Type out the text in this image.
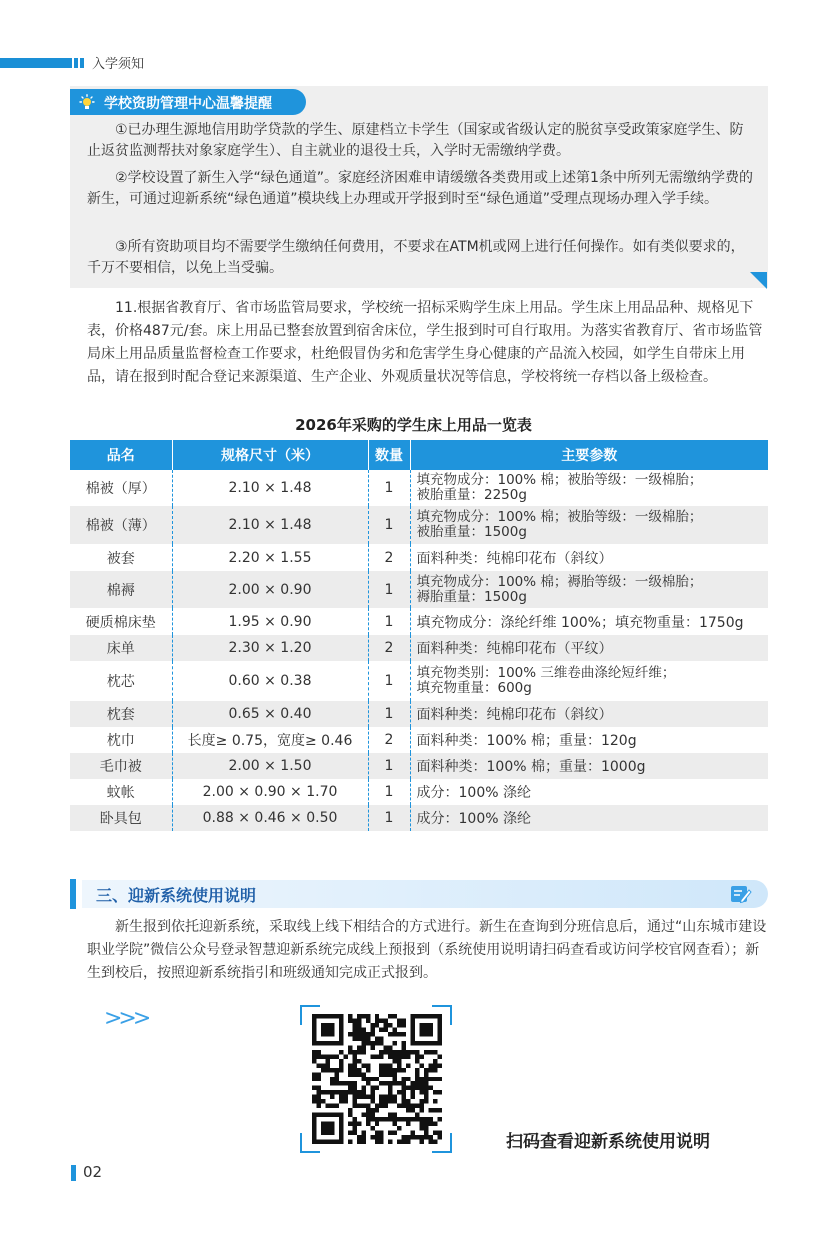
入学须知
学校资助管理中心温馨提醒

①已办理生源地信用助学贷款的学生、原建档立卡学生（国家或省级认定的脱贫享受政策家庭学生、防止返贫监测帮扶对象家庭学生）、自主就业的退役士兵，入学时无需缴纳学费。

②学校设置了新生入学“绿色通道”。家庭经济困难申请缓缴各类费用或上述第1条中所列无需缴纳学费的新生，可通过迎新系统“绿色通道”模块线上办理或开学报到时至“绿色通道”受理点现场办理入学手续。

③所有资助项目均不需要学生缴纳任何费用，不要求在ATM机或网上进行任何操作。如有类似要求的，千万不要相信，以免上当受骗。

11.根据省教育厅、省市场监管局要求，学校统一招标采购学生床上用品。学生床上用品品种、规格见下表，价格487元/套。床上用品已整套放置到宿舍床位，学生报到时可自行取用。为落实省教育厅、省市场监管局床上用品质量监督检查工作要求，杜绝假冒伪劣和危害学生身心健康的产品流入校园，如学生自带床上用品，请在报到时配合登记来源渠道、生产企业、外观质量状况等信息，学校将统一存档以备上级检查。

2026年采购的学生床上用品一览表
品名	规格尺寸（米）	数量	主要参数
棉被（厚）	2.10 × 1.48	1	填充物成分：100% 棉；被胎等级：一级棉胎；
被胎重量：2250g
棉被（薄）	2.10 × 1.48	1	填充物成分：100% 棉；被胎等级：一级棉胎；
被胎重量：1500g
被套	2.20 × 1.55	2	面料种类：纯棉印花布（斜纹）
棉褥	2.00 × 0.90	1	填充物成分：100% 棉；褥胎等级：一级棉胎；
褥胎重量：1500g
硬质棉床垫	1.95 × 0.90	1	填充物成分：涤纶纤维 100%；填充物重量：1750g
床单	2.30 × 1.20	2	面料种类：纯棉印花布（平纹）
枕芯	0.60 × 0.38	1	填充物类别：100% 三维卷曲涤纶短纤维；
填充物重量：600g
枕套	0.65 × 0.40	1	面料种类：纯棉印花布（斜纹）
枕巾	长度≥ 0.75，宽度≥ 0.46	2	面料种类：100% 棉；重量：120g
毛巾被	2.00 × 1.50	1	面料种类：100% 棉；重量：1000g
蚊帐	2.00 × 0.90 × 1.70	1	成分：100% 涤纶
卧具包	0.88 × 0.46 × 0.50	1	成分：100% 涤纶
三、迎新系统使用说明

新生报到依托迎新系统，采取线上线下相结合的方式进行。新生在查询到分班信息后，通过“山东城市建设职业学院”微信公众号登录智慧迎新系统完成线上预报到（系统使用说明请扫码查看或访问学校官网查看）；新生到校后，按照迎新系统指引和班级通知完成正式报到。

>>>
扫码查看迎新系统使用说明
02
